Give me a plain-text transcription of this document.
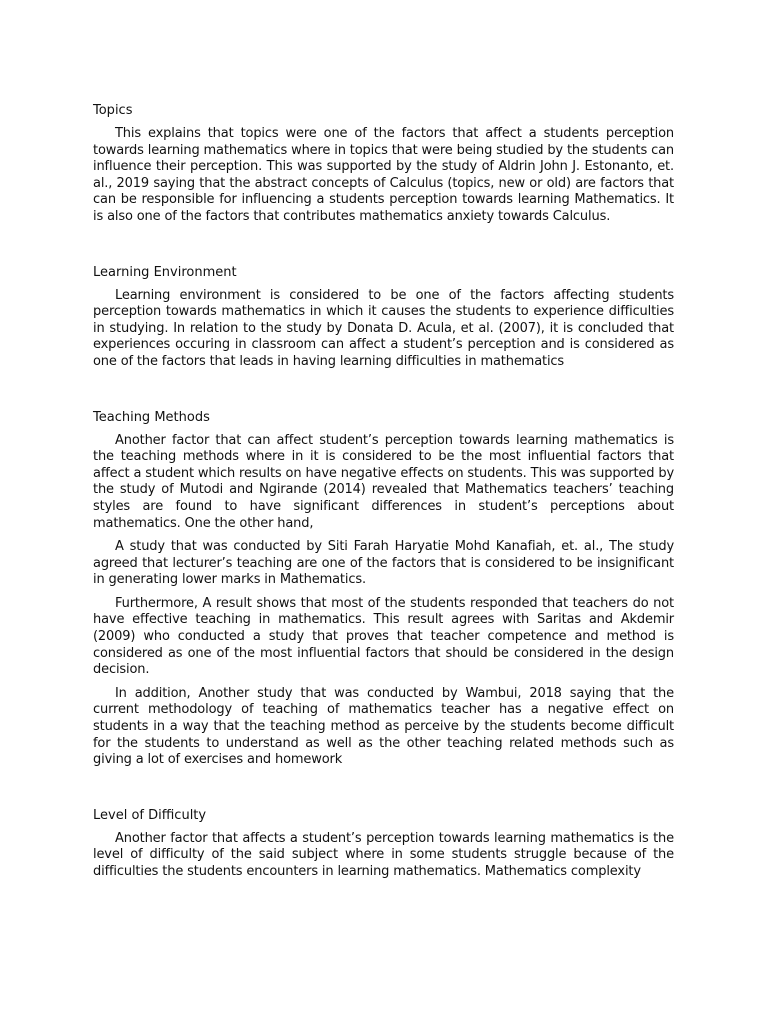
Topics

This explains that topics were one of the factors that affect a students perception towards learning mathematics where in topics that were being studied by the students can influence their perception. This was supported by the study of Aldrin John J. Estonanto, et. al., 2019 saying that the abstract concepts of Calculus (topics, new or old) are factors that can be responsible for influencing a students perception towards learning Mathematics. It is also one of the factors that contributes mathematics anxiety towards Calculus.

Learning Environment

Learning environment is considered to be one of the factors affecting students perception towards mathematics in which it causes the students to experience difficulties in studying. In relation to the study by Donata D. Acula, et al. (2007), it is concluded that experiences occuring in classroom can affect a student’s perception and is considered as one of the factors that leads in having learning difficulties in mathematics

Teaching Methods

Another factor that can affect student’s perception towards learning mathematics is the teaching methods where in it is considered to be the most influential factors that affect a student which results on have negative effects on students. This was supported by the study of Mutodi and Ngirande (2014) revealed that Mathematics teachers’ teaching styles are found to have significant differences in student’s perceptions about mathematics. One the other hand,

A study that was conducted by Siti Farah Haryatie Mohd Kanafiah, et. al., The study agreed that lecturer’s teaching are one of the factors that is considered to be insignificant in generating lower marks in Mathematics.

Furthermore, A result shows that most of the students responded that teachers do not have effective teaching in mathematics. This result agrees with Saritas and Akdemir (2009) who conducted a study that proves that teacher competence and method is considered as one of the most influential factors that should be considered in the design decision.

In addition, Another study that was conducted by Wambui, 2018 saying that the current methodology of teaching of mathematics teacher has a negative effect on students in a way that the teaching method as perceive by the students become difficult for the students to understand as well as the other teaching related methods such as giving a lot of exercises and homework

Level of Difficulty

Another factor that affects a student’s perception towards learning mathematics is the level of difficulty of the said subject where in some students struggle because of the difficulties the students encounters in learning mathematics. Mathematics complexity
